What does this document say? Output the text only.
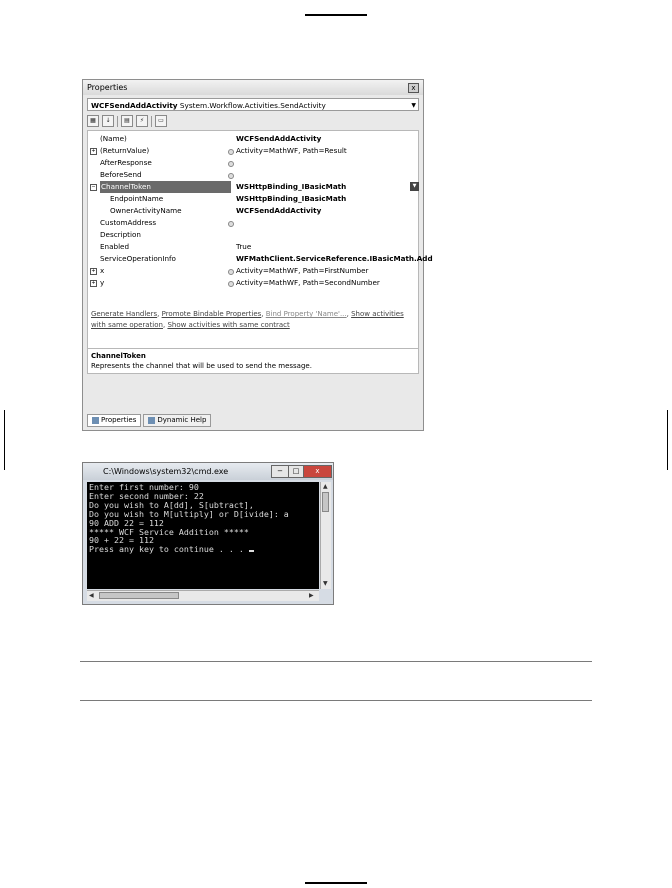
Properties	x
WCFSendAddActivity System.Workflow.Activities.SendActivity	▼
▦	↓	▤	⚡	▭
(Name)	WCFSendAddActivity
+ (ReturnValue)	Activity=MathWF, Path=Result
AfterResponse
BeforeSend
− ChannelToken	WSHttpBinding_IBasicMath	▼
EndpointName	WSHttpBinding_IBasicMath
OwnerActivityName	WCFSendAddActivity
CustomAddress
Description
Enabled	True
ServiceOperationInfo	WFMathClient.ServiceReference.IBasicMath.Add
+ x	Activity=MathWF, Path=FirstNumber
+ y	Activity=MathWF, Path=SecondNumber
Generate Handlers, Promote Bindable Properties, Bind Property 'Name'..., Show activities with same operation, Show activities with same contract
ChannelToken
Represents the channel that will be used to send the message.
Properties	Dynamic Help
C:\Windows\system32\cmd.exe	−	□	x
Enter first number: 90
Enter second number: 22
Do you wish to A[dd], S[ubtract],
Do you wish to M[ultiply] or D[ivide]: a
90 ADD 22 = 112
***** WCF Service Addition *****
90 + 22 = 112
Press any key to continue . . .
▲
▼
◀	▶
